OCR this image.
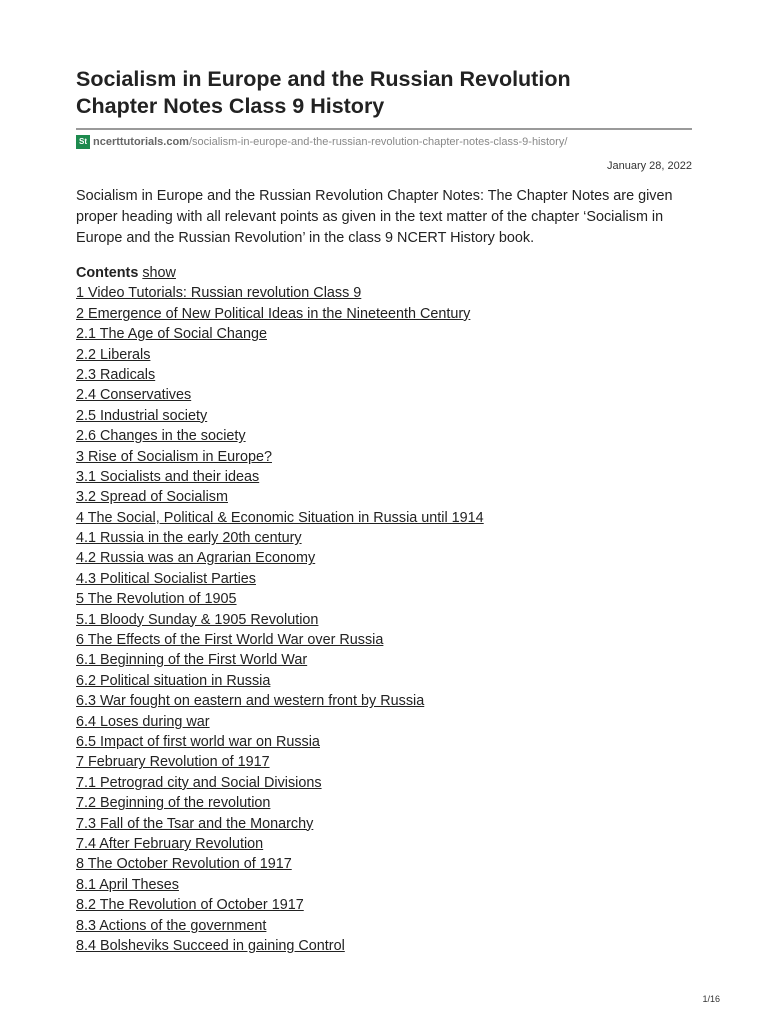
Socialism in Europe and the Russian Revolution
Chapter Notes Class 9 History
St ncerttutorials.com /socialism-in-europe-and-the-russian-revolution-chapter-notes-class-9-history/
January 28, 2022

Socialism in Europe and the Russian Revolution Chapter Notes: The Chapter Notes are given proper heading with all relevant points as given in the text matter of the chapter ‘Socialism in Europe and the Russian Revolution’ in the class 9 NCERT History book.

Contents show
1 Video Tutorials: Russian revolution Class 9
2 Emergence of New Political Ideas in the Nineteenth Century
2.1 The Age of Social Change
2.2 Liberals
2.3 Radicals
2.4 Conservatives
2.5 Industrial society
2.6 Changes in the society
3 Rise of Socialism in Europe?
3.1 Socialists and their ideas
3.2 Spread of Socialism
4 The Social, Political & Economic Situation in Russia until 1914
4.1 Russia in the early 20th century
4.2 Russia was an Agrarian Economy
4.3 Political Socialist Parties
5 The Revolution of 1905
5.1 Bloody Sunday & 1905 Revolution
6 The Effects of the First World War over Russia
6.1 Beginning of the First World War
6.2 Political situation in Russia
6.3 War fought on eastern and western front by Russia
6.4 Loses during war
6.5 Impact of first world war on Russia
7 February Revolution of 1917
7.1 Petrograd city and Social Divisions
7.2 Beginning of the revolution
7.3 Fall of the Tsar and the Monarchy
7.4 After February Revolution
8 The October Revolution of 1917
8.1 April Theses
8.2 The Revolution of October 1917
8.3 Actions of the government
8.4 Bolsheviks Succeed in gaining Control
1/16
